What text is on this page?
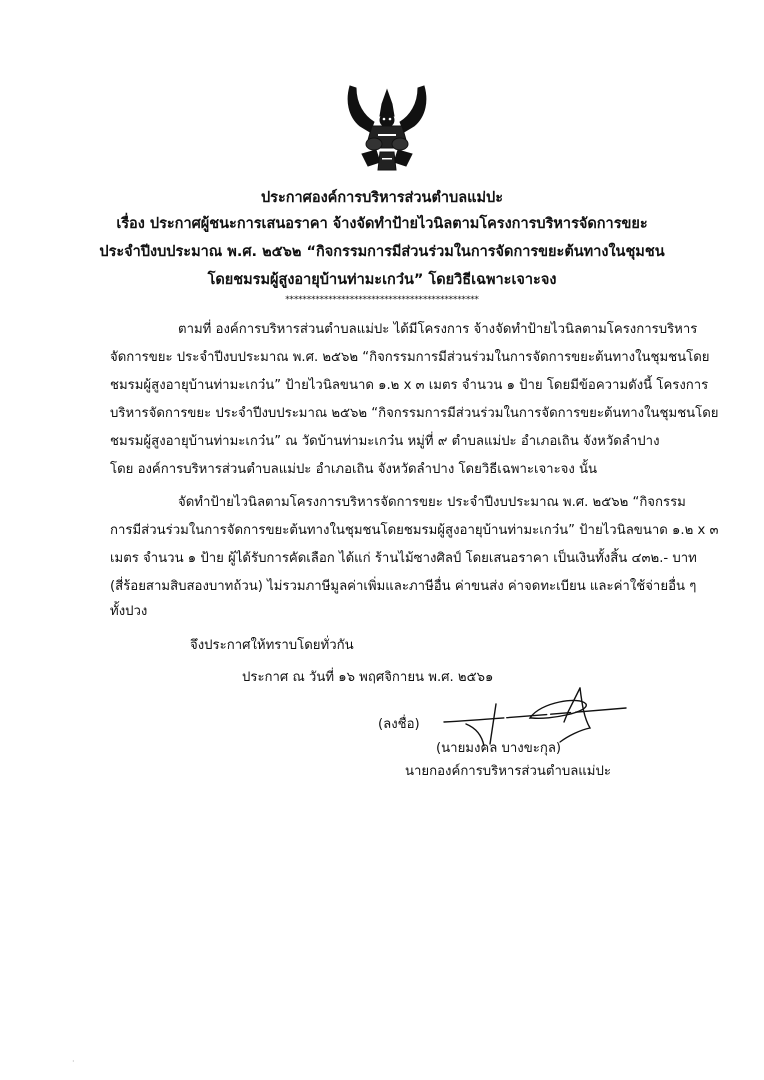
ประกาศองค์การบริหารส่วนตำบลแม่ปะ
เรื่อง ประกาศผู้ชนะการเสนอราคา จ้างจัดทำป้ายไวนิลตามโครงการบริหารจัดการขยะ
ประจำปีงบประมาณ พ.ศ. ๒๕๖๒ “กิจกรรมการมีส่วนร่วมในการจัดการขยะต้นทางในชุมชน
โดยชมรมผู้สูงอายุบ้านท่ามะเกว๋น” โดยวิธีเฉพาะเจาะจง
*********************************************
ตามที่ องค์การบริหารส่วนตำบลแม่ปะ ได้มีโครงการ จ้างจัดทำป้ายไวนิลตามโครงการบริหาร
จัดการขยะ ประจำปีงบประมาณ พ.ศ. ๒๕๖๒ “กิจกรรมการมีส่วนร่วมในการจัดการขยะต้นทางในชุมชนโดย
ชมรมผู้สูงอายุบ้านท่ามะเกว๋น” ป้ายไวนิลขนาด ๑.๒ x ๓ เมตร จำนวน ๑ ป้าย โดยมีข้อความดังนี้ โครงการ
บริหารจัดการขยะ ประจำปีงบประมาณ ๒๕๖๒ “กิจกรรมการมีส่วนร่วมในการจัดการขยะต้นทางในชุมชนโดย
ชมรมผู้สูงอายุบ้านท่ามะเกว๋น” ณ วัดบ้านท่ามะเกว๋น หมู่ที่ ๙ ตำบลแม่ปะ อำเภอเถิน จังหวัดลำปาง
โดย องค์การบริหารส่วนตำบลแม่ปะ อำเภอเถิน จังหวัดลำปาง โดยวิธีเฉพาะเจาะจง นั้น
จัดทำป้ายไวนิลตามโครงการบริหารจัดการขยะ ประจำปีงบประมาณ พ.ศ. ๒๕๖๒ “กิจกรรม
การมีส่วนร่วมในการจัดการขยะต้นทางในชุมชนโดยชมรมผู้สูงอายุบ้านท่ามะเกว๋น” ป้ายไวนิลขนาด ๑.๒ x ๓
เมตร จำนวน ๑ ป้าย ผู้ได้รับการคัดเลือก ได้แก่ ร้านไม้ซางศิลป์ โดยเสนอราคา เป็นเงินทั้งสิ้น ๔๓๒.- บาท
(สี่ร้อยสามสิบสองบาทถ้วน) ไม่รวมภาษีมูลค่าเพิ่มและภาษีอื่น ค่าขนส่ง ค่าจดทะเบียน และค่าใช้จ่ายอื่น ๆ
ทั้งปวง
จึงประกาศให้ทราบโดยทั่วกัน
ประกาศ ณ วันที่ ๑๖ พฤศจิกายน พ.ศ. ๒๕๖๑
(ลงชื่อ)
(นายมงคล บางขะกุล)
นายกองค์การบริหารส่วนตำบลแม่ปะ
·
